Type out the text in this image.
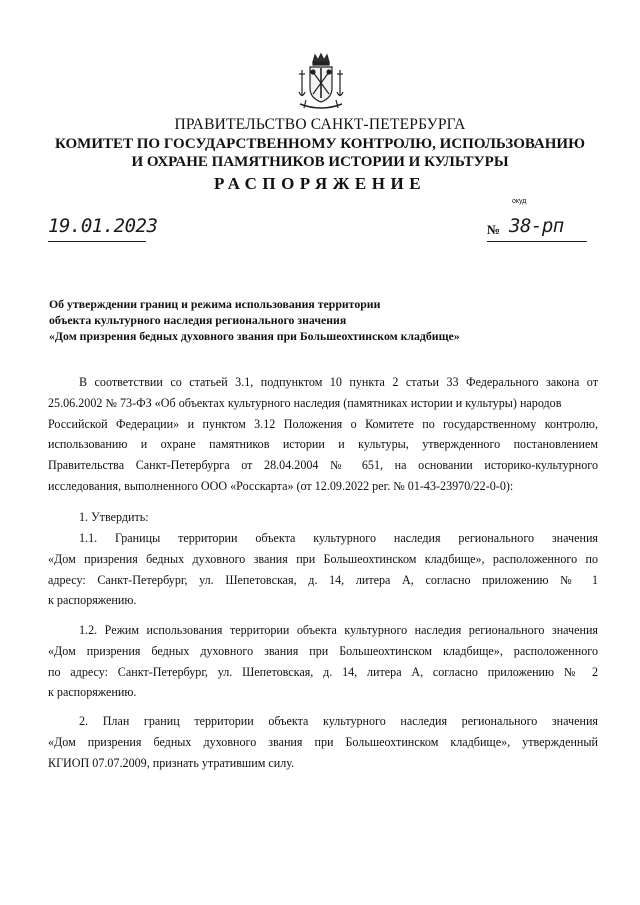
ПРАВИТЕЛЬСТВО САНКТ-ПЕТЕРБУРГА
КОМИТЕТ ПО ГОСУДАРСТВЕННОМУ КОНТРОЛЮ, ИСПОЛЬЗОВАНИЮ
И ОХРАНЕ ПАМЯТНИКОВ ИСТОРИИ И КУЛЬТУРЫ
РАСПОРЯЖЕНИЕ
окуд
19.01.2023	№ 38-рп
Об утверждении границ и режима использования территории
объекта культурного наследия регионального значения
«Дом призрения бедных духовного звания при Большеохтинском кладбище»
В соответствии со статьей 3.1, подпунктом 10 пункта 2 статьи 33 Федерального закона от
25.06.2002 № 73-ФЗ «Об объектах культурного наследия (памятниках истории и культуры) народов
Российской Федерации» и пунктом 3.12 Положения о Комитете по государственному контролю,
использованию и охране памятников истории и культуры, утвержденного постановлением
Правительства Санкт-Петербурга от 28.04.2004 № 651, на основании историко-культурного
исследования, выполненного ООО «Росскарта» (от 12.09.2022 рег. № 01-43-23970/22-0-0):
1. Утвердить:
1.1. Границы территории объекта культурного наследия регионального значения
«Дом призрения бедных духовного звания при Большеохтинском кладбище», расположенного по
адресу: Санкт-Петербург, ул. Шепетовская, д. 14, литера А, согласно приложению № 1
к распоряжению.
1.2. Режим использования территории объекта культурного наследия регионального значения
«Дом призрения бедных духовного звания при Большеохтинском кладбище», расположенного
по адресу: Санкт-Петербург, ул. Шепетовская, д. 14, литера А, согласно приложению № 2
к распоряжению.
2. План границ территории объекта культурного наследия регионального значения
«Дом призрения бедных духовного звания при Большеохтинском кладбище», утвержденный
КГИОП 07.07.2009, признать утратившим силу.
